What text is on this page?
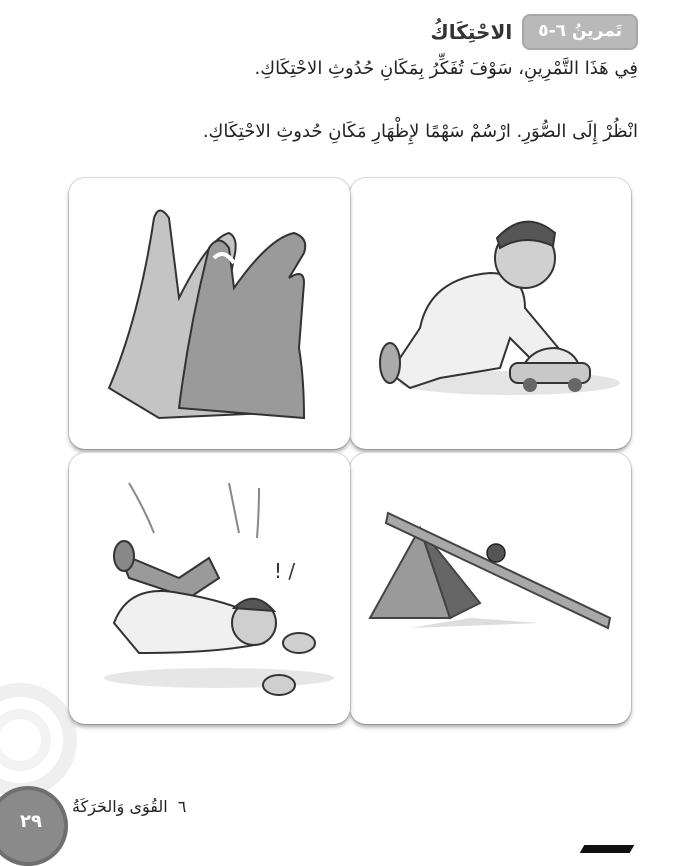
تَمرينُ ٦-٥
الاحْتِكَاكُ
فِي هَذَا التَّمْرِينِ، سَوْفَ تُفَكِّرُ بِمَكَانِ حُدُوثِ الاحْتِكَاكِ.
انْظُرْ إِلَى الصُّوَرِ. ارْسُمْ سَهْمًا لإِظْهَارِ مَكَانِ حُدوثِ الاحْتِكَاكِ.
! /
٦
القُوَى وَالحَرَكَةُ
٢٩
